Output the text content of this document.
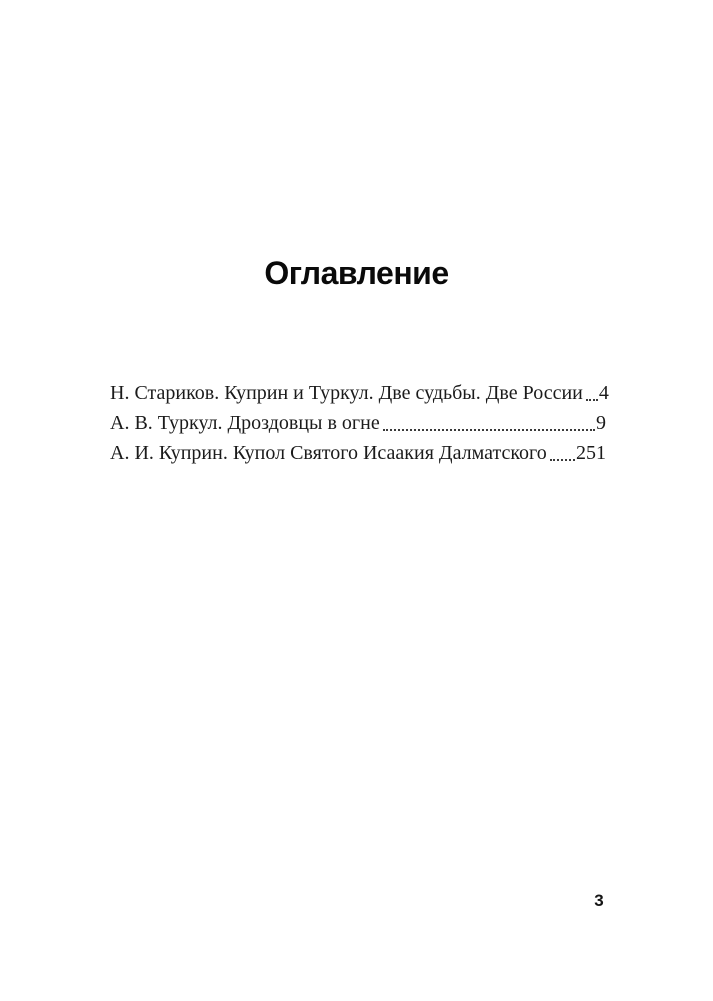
Оглавление
Н. Стариков. Куприн и Туркул. Две судьбы. Две России 4
А. В. Туркул. Дроздовцы в огне	9
А. И. Куприн. Купол Святого Исаакия Далматского 251
3
